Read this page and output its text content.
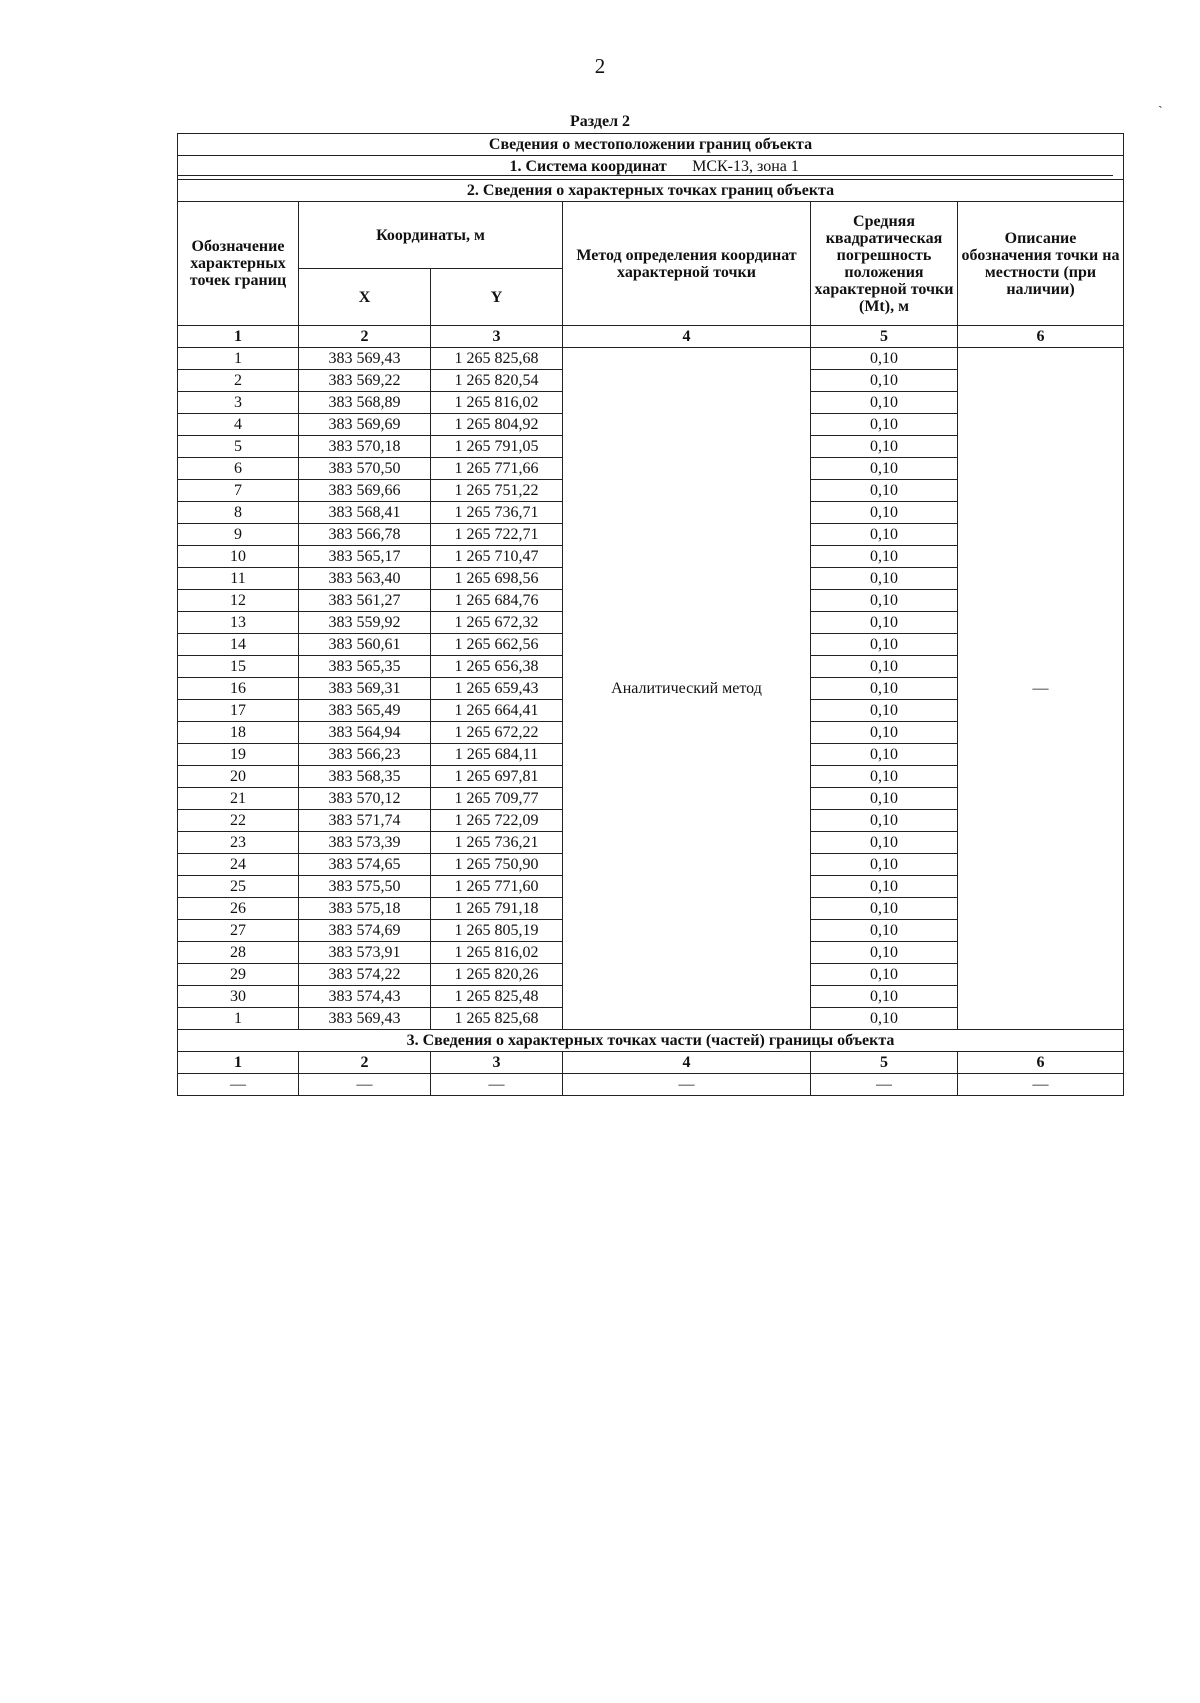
2
ˏ
Раздел 2
Сведения о местоположении границ объекта					

1. Система координат МСК-13, зона 1					

2. Сведения о характерных точках границ объекта					
Обозначение характерных точек границ	Координаты, м		Метод определения координат характерной точки	Средняя квадратическая погрешность положения характерной точки (Mt), м	Описание обозначения точки на местности (при наличии)
	X	Y			
1	2	3	4	5	6
1	383 569,43	1 265 825,68	Аналитический метод	0,10	—
2	383 569,22	1 265 820,54		0,10	
3	383 568,89	1 265 816,02		0,10	
4	383 569,69	1 265 804,92		0,10	
5	383 570,18	1 265 791,05		0,10	
6	383 570,50	1 265 771,66		0,10	
7	383 569,66	1 265 751,22		0,10	
8	383 568,41	1 265 736,71		0,10	
9	383 566,78	1 265 722,71		0,10	
10	383 565,17	1 265 710,47		0,10	
11	383 563,40	1 265 698,56		0,10	
12	383 561,27	1 265 684,76		0,10	
13	383 559,92	1 265 672,32		0,10	
14	383 560,61	1 265 662,56		0,10	
15	383 565,35	1 265 656,38		0,10	
16	383 569,31	1 265 659,43		0,10	
17	383 565,49	1 265 664,41		0,10	
18	383 564,94	1 265 672,22		0,10	
19	383 566,23	1 265 684,11		0,10	
20	383 568,35	1 265 697,81		0,10	
21	383 570,12	1 265 709,77		0,10	
22	383 571,74	1 265 722,09		0,10	
23	383 573,39	1 265 736,21		0,10	
24	383 574,65	1 265 750,90		0,10	
25	383 575,50	1 265 771,60		0,10	
26	383 575,18	1 265 791,18		0,10	
27	383 574,69	1 265 805,19		0,10	
28	383 573,91	1 265 816,02		0,10	
29	383 574,22	1 265 820,26		0,10	
30	383 574,43	1 265 825,48		0,10	
1	383 569,43	1 265 825,68		0,10	
3. Сведения о характерных точках части (частей) границы объекта					
1	2	3	4	5	6
—	—	—	—	—	—
